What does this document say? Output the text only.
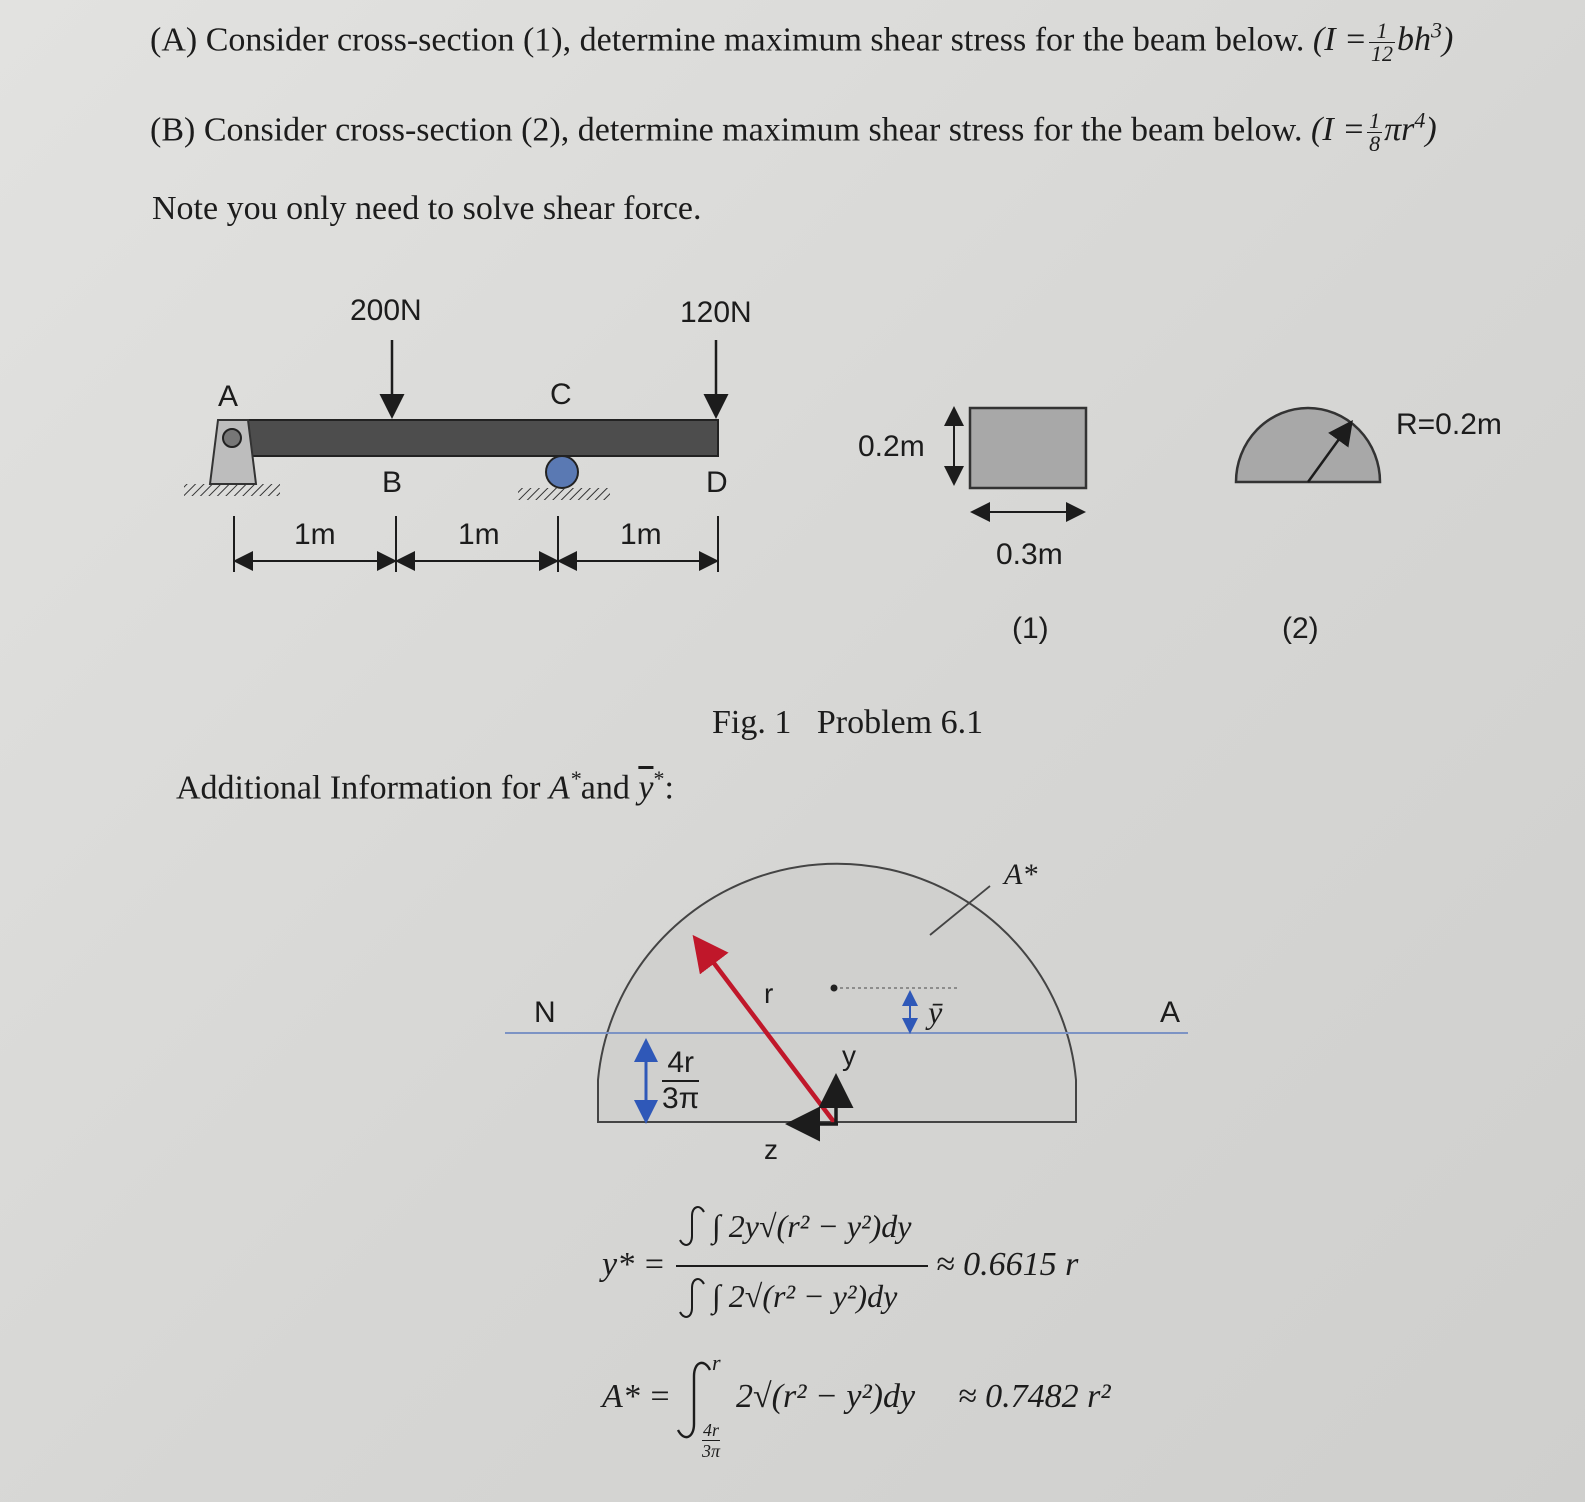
(A) Consider cross-section (1), determine maximum shear stress for the beam below. $(I = \frac{1}{12} bh^3)$
(B) Consider cross-section (2), determine maximum shear stress for the beam below. $(I = \frac{1}{8} \pi r^4)$
Note you only need to solve shear force.
200N	120N
A	C
B	D
1m	1m	1m
0.2m
0.3m
(1)
R=0.2m
(2)
Fig. 1   Problem 6.1
Additional Information for A*and $\overline{y}^*$:
A*
N	A
r
ȳ
y
z
4r
3π
y* =
∫ 2y√(r² − y²)dy
∫ 2√(r² − y²)dy
≈ 0.6615 r
A* =
r
4r
3π
2√(r² − y²)dy ≈ 0.7482 r²
